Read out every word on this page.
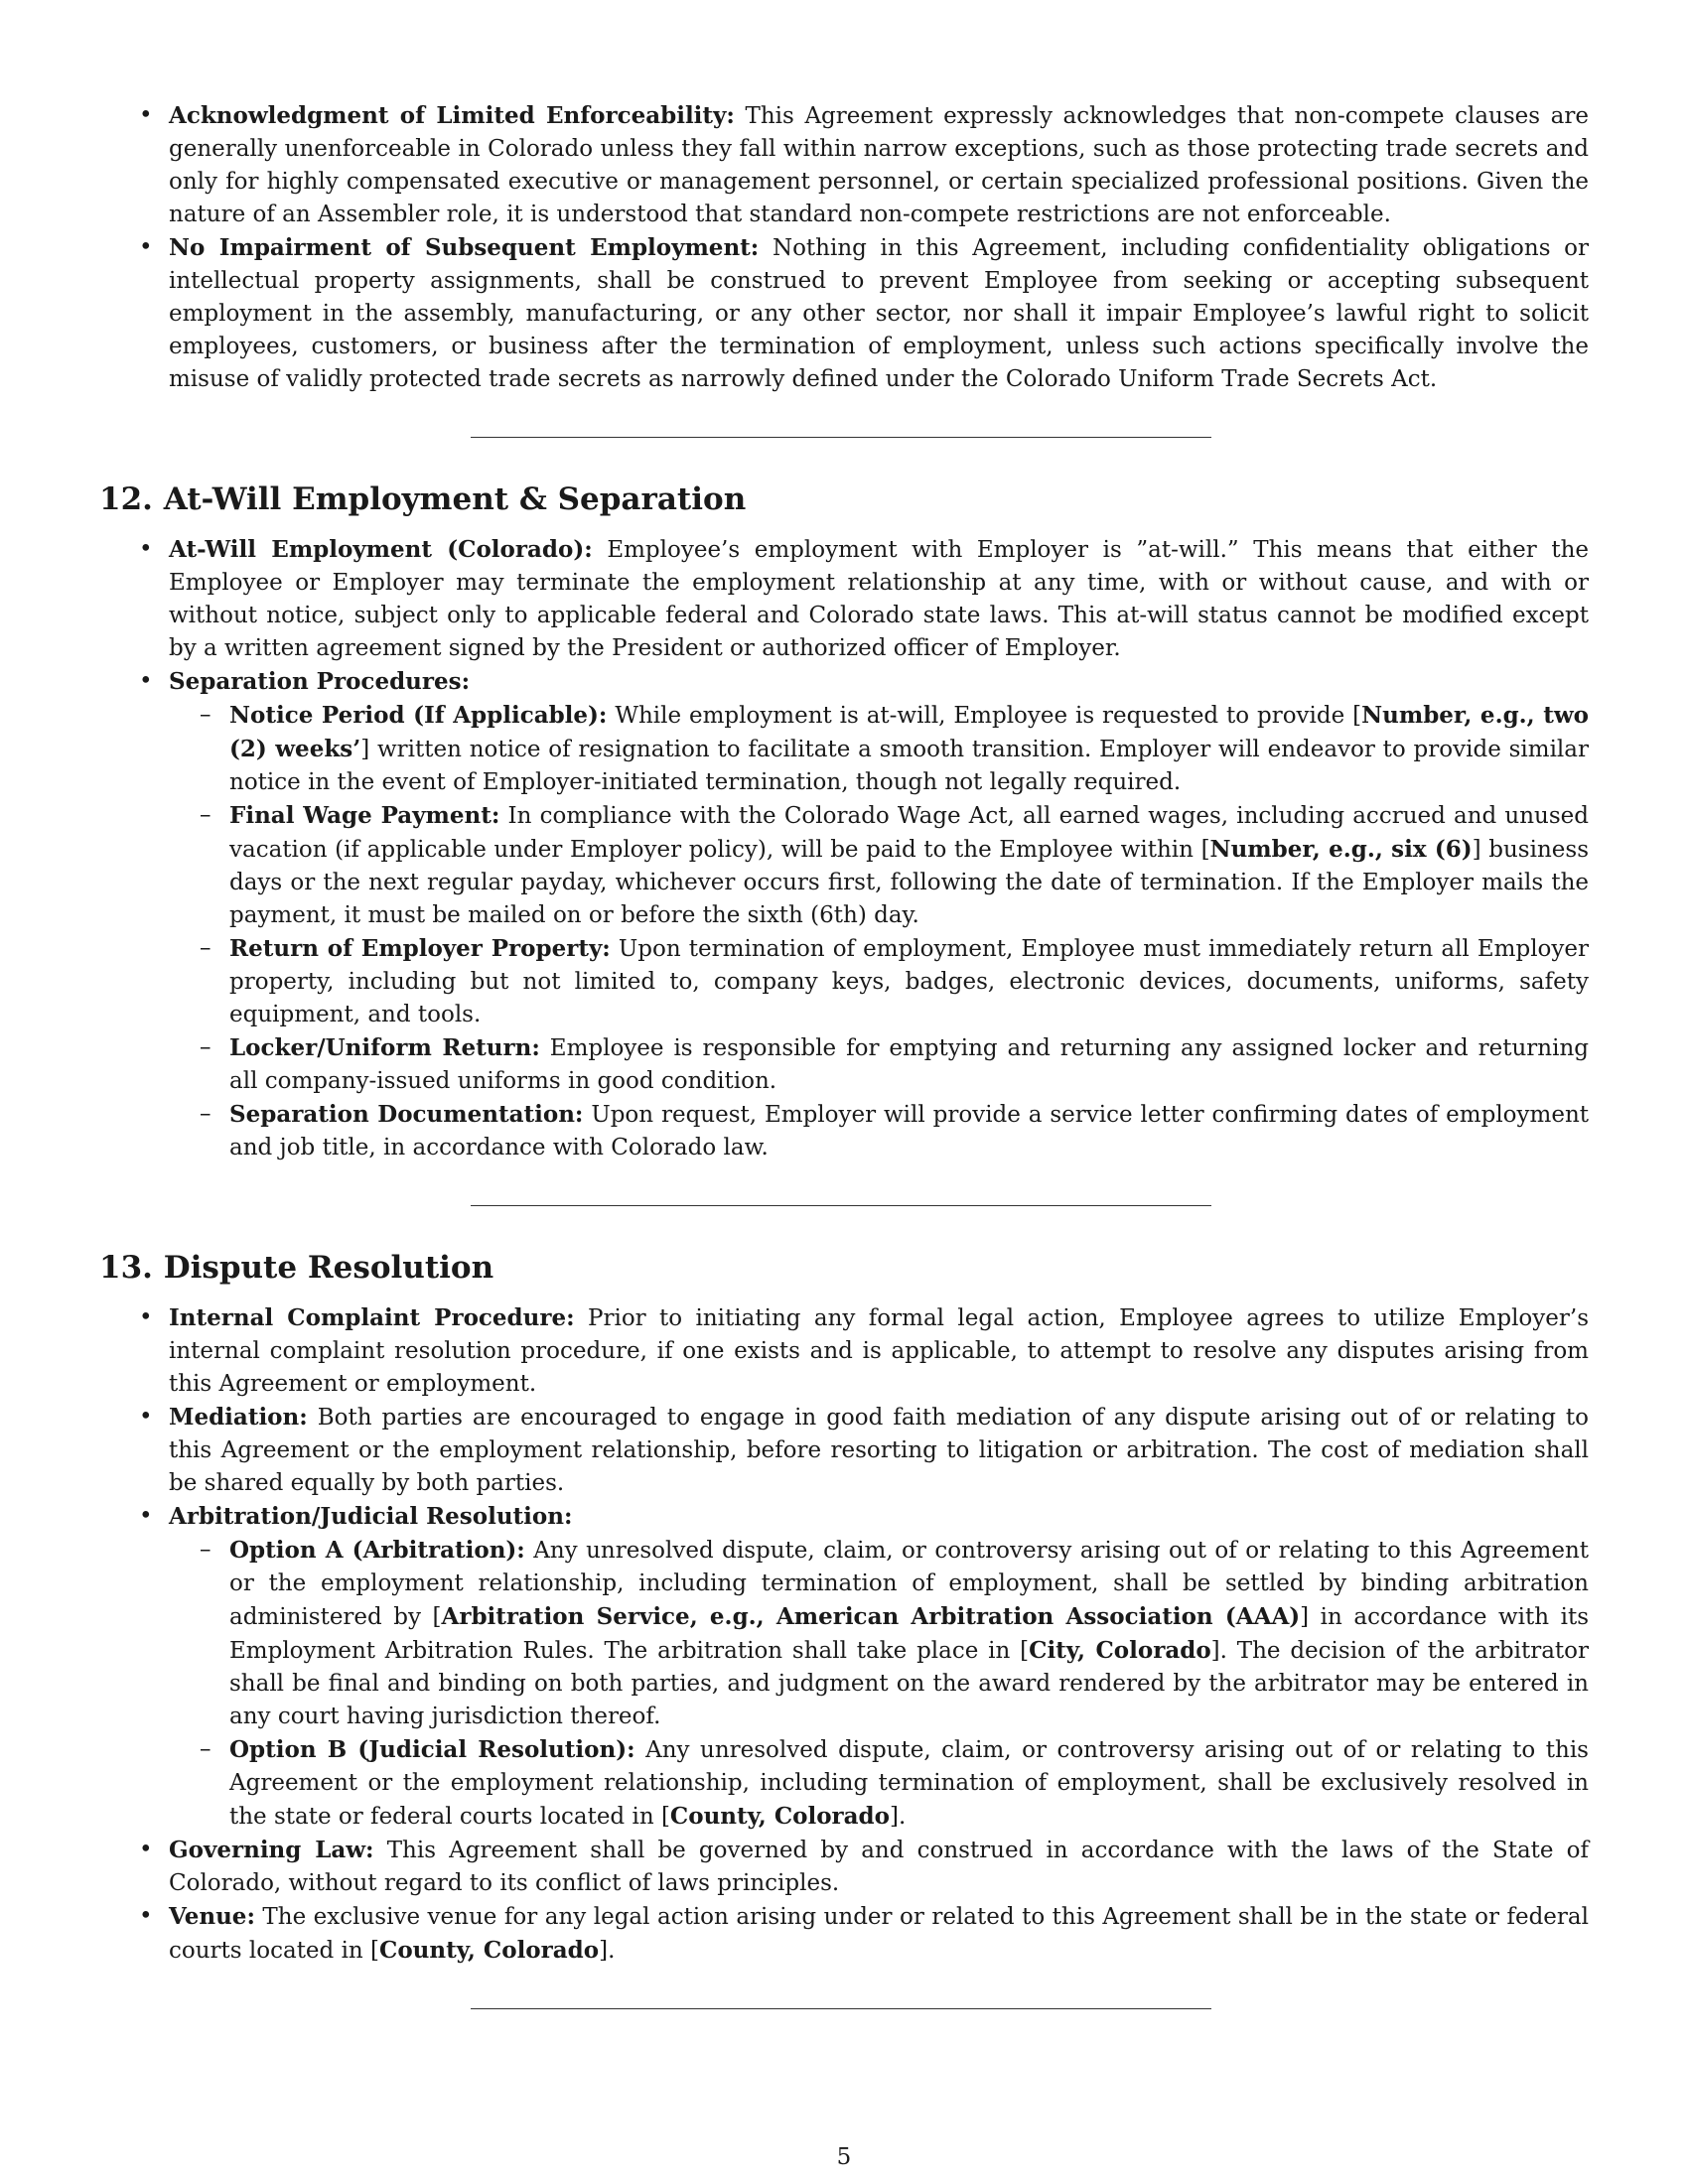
• Acknowledgment of Limited Enforceability: This Agreement expressly acknowledges that non-compete clauses are generally unenforceable in Colorado unless they fall within narrow exceptions, such as those protecting trade secrets and only for highly compensated executive or management personnel, or certain specialized professional positions. Given the nature of an Assembler role, it is understood that standard non-compete restrictions are not enforceable.
• No Impairment of Subsequent Employment: Nothing in this Agreement, including confidentiality obligations or intellectual property assignments, shall be construed to prevent Employee from seeking or accepting subsequent employment in the assembly, manufacturing, or any other sector, nor shall it impair Employee’s lawful right to solicit employees, customers, or business after the termination of employment, unless such actions specifically involve the misuse of validly protected trade secrets as narrowly defined under the Colorado Uniform Trade Secrets Act.
12. At-Will Employment & Separation
• At-Will Employment (Colorado): Employee’s employment with Employer is ”at-will.” This means that either the Employee or Employer may terminate the employment relationship at any time, with or without cause, and with or without notice, subject only to applicable federal and Colorado state laws. This at-will status cannot be modified except by a written agreement signed by the President or authorized officer of Employer.
• Separation Procedures:
– Notice Period (If Applicable): While employment is at-will, Employee is requested to provide [Number, e.g., two (2) weeks’] written notice of resignation to facilitate a smooth transition. Employer will endeavor to provide similar notice in the event of Employer-initiated termination, though not legally required.
– Final Wage Payment: In compliance with the Colorado Wage Act, all earned wages, including accrued and unused vacation (if applicable under Employer policy), will be paid to the Employee within [Number, e.g., six (6)] business days or the next regular payday, whichever occurs first, following the date of termination. If the Employer mails the payment, it must be mailed on or before the sixth (6th) day.
– Return of Employer Property: Upon termination of employment, Employee must immediately return all Employer property, including but not limited to, company keys, badges, electronic devices, documents, uniforms, safety equipment, and tools.
– Locker/Uniform Return: Employee is responsible for emptying and returning any assigned locker and returning all company-issued uniforms in good condition.
– Separation Documentation: Upon request, Employer will provide a service letter confirming dates of employment and job title, in accordance with Colorado law.
13. Dispute Resolution
• Internal Complaint Procedure: Prior to initiating any formal legal action, Employee agrees to utilize Employer’s internal complaint resolution procedure, if one exists and is applicable, to attempt to resolve any disputes arising from this Agreement or employment.
• Mediation: Both parties are encouraged to engage in good faith mediation of any dispute arising out of or relating to this Agreement or the employment relationship, before resorting to litigation or arbitration. The cost of mediation shall be shared equally by both parties.
• Arbitration/Judicial Resolution:
– Option A (Arbitration): Any unresolved dispute, claim, or controversy arising out of or relating to this Agreement or the employment relationship, including termination of employment, shall be settled by binding arbitration administered by [Arbitration Service, e.g., American Arbitration Association (AAA)] in accordance with its Employment Arbitration Rules. The arbitration shall take place in [City, Colorado]. The decision of the arbitrator shall be final and binding on both parties, and judgment on the award rendered by the arbitrator may be entered in any court having jurisdiction thereof.
– Option B (Judicial Resolution): Any unresolved dispute, claim, or controversy arising out of or relating to this Agreement or the employment relationship, including termination of employment, shall be exclusively resolved in the state or federal courts located in [County, Colorado].
• Governing Law: This Agreement shall be governed by and construed in accordance with the laws of the State of Colorado, without regard to its conflict of laws principles.
• Venue: The exclusive venue for any legal action arising under or related to this Agreement shall be in the state or federal courts located in [County, Colorado].
5
